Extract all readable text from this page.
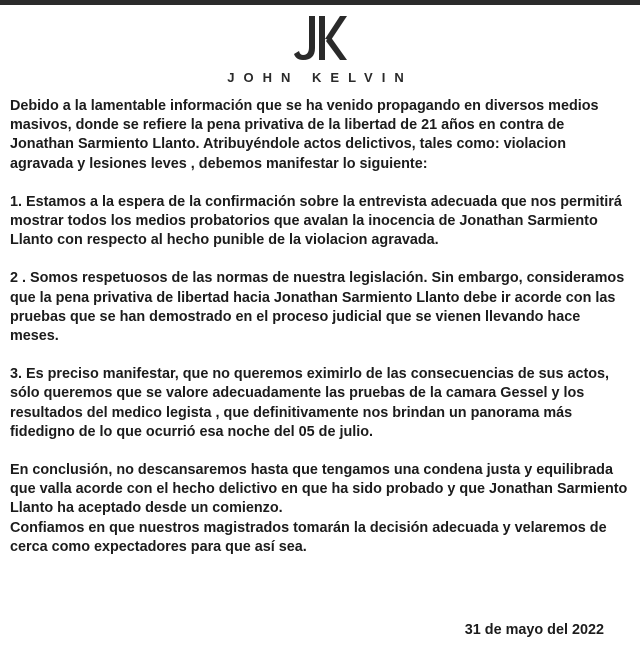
JOHN KELVIN

Debido a la lamentable información que se ha venido propagando en diversos medios masivos, donde se refiere la pena privativa de la libertad de 21 años en contra de Jonathan Sarmiento Llanto. Atribuyéndole actos delictivos, tales como: violacion agravada y lesiones leves , debemos manifestar lo siguiente:

1. Estamos a la espera de la confirmación sobre la entrevista adecuada que nos permitirá mostrar todos los medios probatorios que avalan la inocencia de Jonathan Sarmiento Llanto con respecto al hecho punible de la violacion agravada.

2 . Somos respetuosos de las normas de nuestra legislación. Sin embargo, consideramos que la pena privativa de libertad hacia Jonathan Sarmiento Llanto debe ir acorde con las pruebas que se han demostrado en el proceso judicial que se vienen llevando hace meses.

3. Es preciso manifestar, que no queremos eximirlo de las consecuencias de sus actos, sólo queremos que se valore adecuadamente las pruebas de la camara Gessel y los resultados del medico legista , que definitivamente nos brindan un panorama más fidedigno de lo que ocurrió esa noche del 05 de julio.

En conclusión, no descansaremos hasta que tengamos una condena justa y equilibrada que valla acorde con el hecho delictivo en que ha sido probado y que Jonathan Sarmiento Llanto ha aceptado desde un comienzo.
Confiamos en que nuestros magistrados tomarán la decisión adecuada y velaremos de cerca como expectadores para que así sea.

31 de mayo del 2022
